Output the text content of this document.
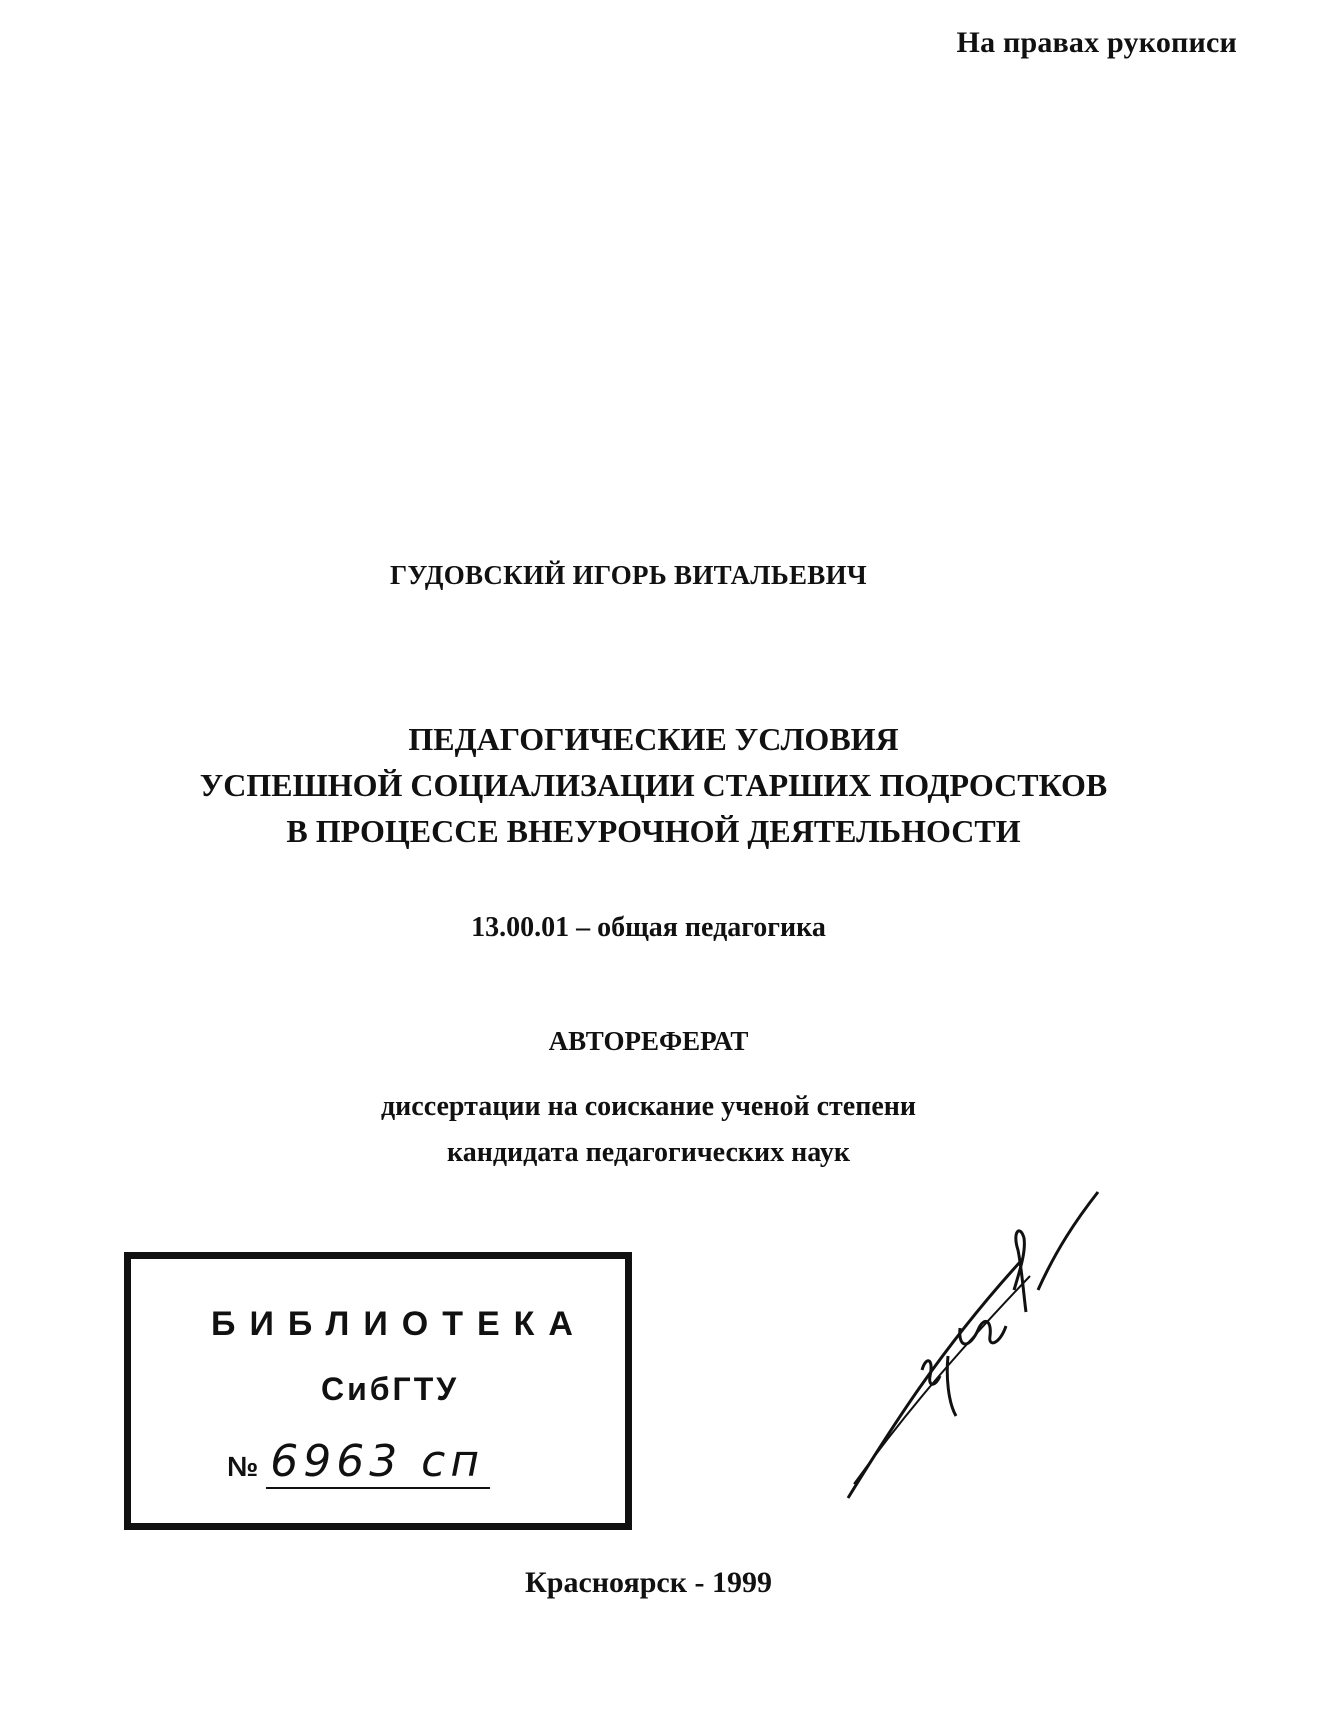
На правах рукописи
ГУДОВСКИЙ ИГОРЬ ВИТАЛЬЕВИЧ
ПЕДАГОГИЧЕСКИЕ УСЛОВИЯ
УСПЕШНОЙ СОЦИАЛИЗАЦИИ СТАРШИХ ПОДРОСТКОВ
В ПРОЦЕССЕ ВНЕУРОЧНОЙ ДЕЯТЕЛЬНОСТИ
13.00.01 – общая педагогика
АВТОРЕФЕРАТ
диссертации на соискание ученой степени
кандидата педагогических наук
БИБЛИОТЕКА
СибГТУ
№ 6963 сп
Красноярск - 1999
